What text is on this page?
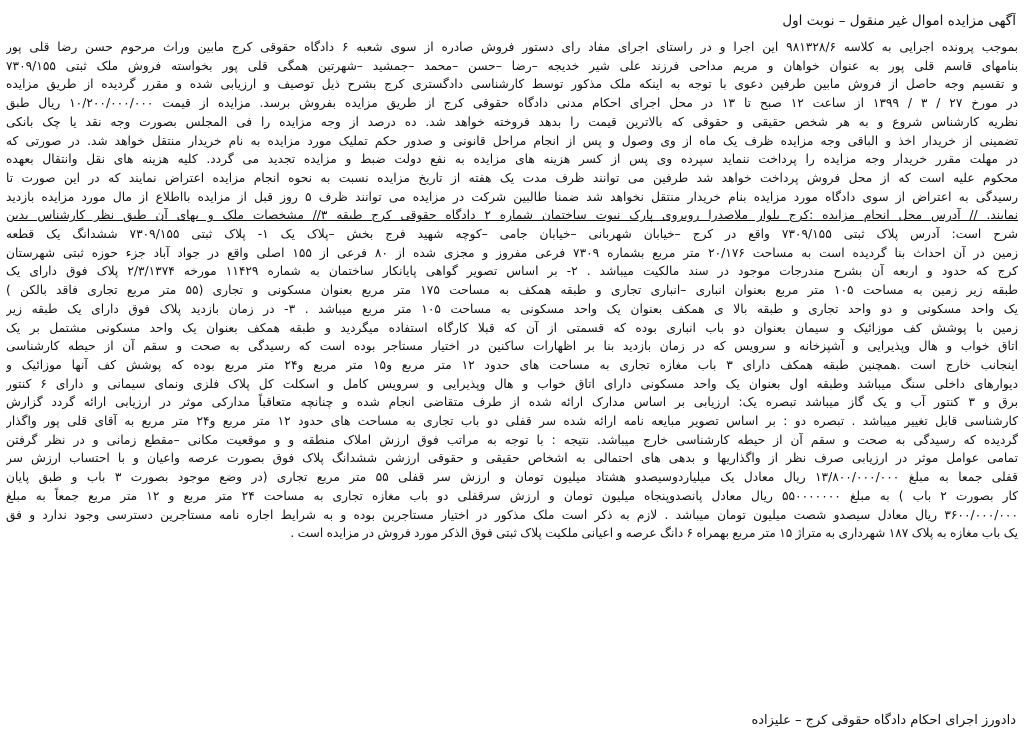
آگهی مزایده اموال غیر منقول – نوبت اول
بموجب پرونده اجرایی به کلاسه ۹۸۱۳۲۸/۶ این اجرا و در راستای اجرای مفاد رای دستور فروش صادره از سوی شعبه ۶ دادگاه حقوقی کرج مابین وراث مرحوم حسن رضا قلی پور
بنامهای قاسم قلی پور به عنوان خواهان و مریم مداحی فرزند علی شیر خدیجه –رضا –حسن –محمد –جمشید –شهرتین همگی قلی پور بخواسته فروش ملک ثبتی ۷۳۰۹/۱۵۵
و تقسیم وجه حاصل از فروش مابین طرفین دعوی با توجه به اینکه ملک مذکور توسط کارشناسی دادگستری کرج بشرح ذیل توصیف و ارزیابی شده و مقرر گردیده از طریق مزایده
در مورخ ۲۷ / ۳ / ۱۳۹۹ از ساعت ۱۲ صبح تا ۱۳ در محل اجرای احکام مدنی دادگاه حقوقی کرج از طریق مزایده بفروش برسد. مزایده از قیمت ۱۰/۲۰۰/۰۰۰/۰۰۰ ریال طبق
نظریه کارشناس شروع و به هر شخص حقیقی و حقوقی که بالاترین قیمت را بدهد فروخته خواهد شد. ده درصد از وجه مزایده را فی المجلس بصورت وجه نقد یا چک بانکی
تضمینی از خریدار اخذ و الباقی وجه مزایده ظرف یک ماه از وی وصول و پس از انجام مراحل قانونی و صدور حکم تملیک مورد مزایده به نام خریدار منتقل خواهد شد. در صورتی که
در مهلت مقرر خریدار وجه مزایده را پرداخت ننماید سپرده وی پس از کسر هزینه های مزایده به نفع دولت ضبط و مزایده تجدید می گردد. کلیه هزینه های نقل وانتقال بعهده
محکوم علیه است که از محل فروش پرداخت خواهد شد طرفین می توانند ظرف مدت یک هفته از تاریخ مزایده نسبت به نحوه انجام مزایده اعتراض نمایند که در این صورت تا
رسیدگی به اعتراض از سوی دادگاه مورد مزایده بنام خریدار منتقل نخواهد شد ضمنا طالبین شرکت در مزایده می توانند ظرف ۵ روز قبل از مزایده بااطلاع از مال مورد مزایده بازدید
نمایند. // آدرس محل انجام مزایده :کرج بلوار ملاصدرا روبروی پارک نبوت ساختمان شماره ۲ دادگاه حقوقی کرج طبقه ۳// مشخصات ملک و بهای آن طبق نظر کارشناس بدین
شرح است: آدرس پلاک ثبتی ۷۳۰۹/۱۵۵ واقع در کرج –خیابان شهربانی –خیابان جامی –کوچه شهید فرج بخش –پلاک یک ۱- پلاک ثبتی ۷۳۰۹/۱۵۵ ششدانگ یک قطعه
زمین در آن احداث بنا گردیده است به مساحت ۲۰/۱۷۶ متر مربع بشماره ۷۳۰۹ فرعی مفروز و مجزی شده از ۸۰ فرعی از ۱۵۵ اصلی واقع در جواد آباد جزء حوزه ثبتی شهرستان
کرج که حدود و اربعه آن بشرح مندرجات موجود در سند مالکیت میباشد . ۲- بر اساس تصویر گواهی پایانکار ساختمان به شماره ۱۱۴۲۹ مورخه ۲/۳/۱۳۷۴ پلاک فوق دارای یک
طبقه زیر زمین به مساحت ۱۰۵ متر مربع بعنوان انباری –انباری تجاری و طبقه همکف به مساحت ۱۷۵ متر مربع بعنوان مسکونی و تجاری (۵۵ متر مربع تجاری فاقد بالکن )
یک واحد مسکونی و دو واحد تجاری و طبقه بالا ی همکف بعنوان یک واحد مسکونی به مساحت ۱۰۵ متر مربع میباشد . ۳- در زمان بازدید پلاک فوق دارای یک طبقه زیر
زمین با پوشش کف موزائیک و سیمان بعنوان دو باب انباری بوده که قسمتی از آن که قبلا کارگاه استفاده میگردید و طبقه همکف بعنوان یک واحد مسکونی مشتمل بر یک
اتاق خواب و هال وپذیرایی و آشپزخانه و سرویس که در زمان بازدید بنا بر اظهارات ساکنین در اختیار مستاجر بوده است که رسیدگی به صحت و سقم آن از حیطه کارشناسی
اینجانب خارج است .همچنین طبقه همکف دارای ۳ باب مغازه تجاری به مساحت های حدود ۱۲ متر مربع و۱۵ متر مربع و۲۴ متر مربع بوده که پوشش کف آنها موزائیک و
دیوارهای داخلی سنگ میباشد وطبقه اول بعنوان یک واحد مسکونی دارای اتاق خواب و هال وپذیرایی و سرویس کامل و اسکلت کل پلاک فلزی ونمای سیمانی و دارای ۶ کنتور
برق و ۳ کنتور آب و یک گاز میباشد تبصره یک: ارزیابی بر اساس مدارک ارائه شده از طرف متقاضی انجام شده و چنانچه متعاقباً مدارکی موثر در ارزیابی ارائه گردد گزارش
کارشناسی قابل تغییر میباشد . تبصره دو : بر اساس تصویر مبایعه نامه ارائه شده سر قفلی دو باب تجاری به مساحت های حدود ۱۲ متر مربع و۲۴ متر مربع به آقای قلی پور واگذار
گردیده که رسیدگی به صحت و سقم آن از حیطه کارشناسی خارج میباشد. نتیجه : با توجه به مراتب فوق ارزش املاک منطقه و و موقعیت مکانی –مقطع زمانی و در نظر گرفتن
تمامی عوامل موثر در ارزیابی صرف نظر از واگذاریها و بدهی های احتمالی به اشخاص حقیقی و حقوقی ارزشن ششدانگ پلاک فوق بصورت عرصه واعیان و با احتساب ارزش سر
قفلی جمعا به مبلغ ۱۳/۸۰۰/۰۰۰/۰۰۰ ریال معادل یک میلیاردوسیصدو هشتاد میلیون تومان و ارزش سر قفلی ۵۵ متر مربع تجاری (در وضع موجود بصورت ۳ باب و طبق پایان
کار بصورت ۲ باب ) به مبلغ ۵۵۰۰۰۰۰۰۰ ریال معادل پانصدوپنجاه میلیون تومان و ارزش سرقفلی دو باب مغازه تجاری به مساحت ۲۴ متر مربع و ۱۲ متر مربع جمعاً به مبلغ
۳۶۰۰/۰۰۰/۰۰۰ ریال معادل سیصدو شصت میلیون تومان میباشد . لازم به ذکر است ملک مذکور در اختیار مستاجرین بوده و به شرایط اجاره نامه مستاجرین دسترسی وجود ندارد و فق
یک باب مغازه به پلاک ۱۸۷ شهرداری به متراژ ۱۵ متر مربع بهمراه ۶ دانگ عرصه و اعیانی ملکیت پلاک ثبتی فوق الذکر مورد فروش در مزایده است .
دادورز اجرای احکام دادگاه حقوقی کرج – علیزاده
